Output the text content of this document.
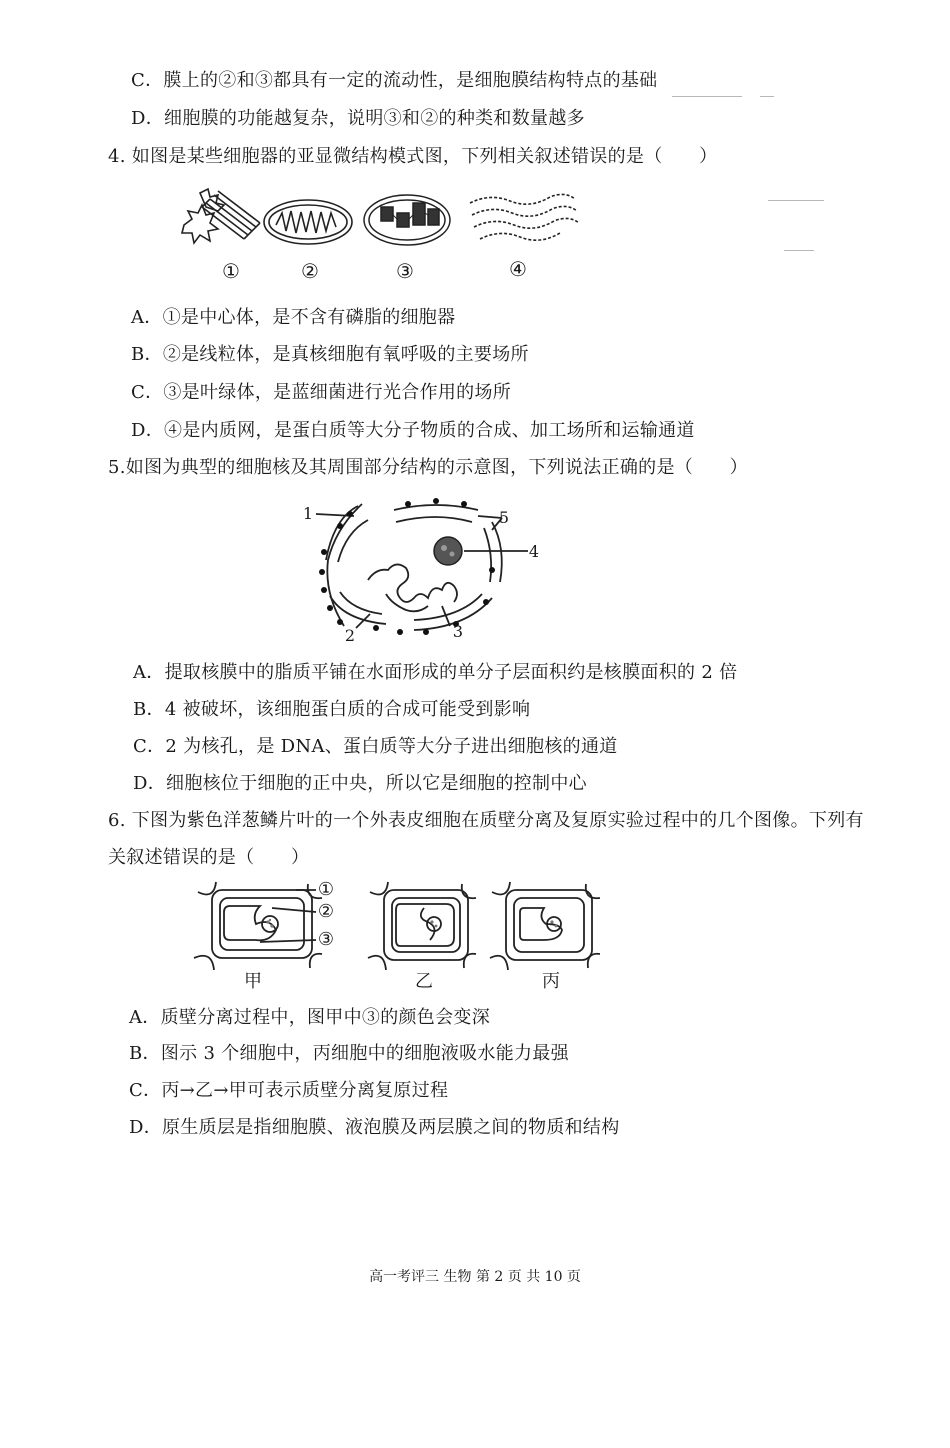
C．膜上的②和③都具有一定的流动性，是细胞膜结构特点的基础
D．细胞膜的功能越复杂，说明③和②的种类和数量越多
4. 如图是某些细胞器的亚显微结构模式图，下列相关叙述错误的是（　　）
①	②	③	④
A．①是中心体，是不含有磷脂的细胞器
B．②是线粒体，是真核细胞有氧呼吸的主要场所
C．③是叶绿体，是蓝细菌进行光合作用的场所
D．④是内质网，是蛋白质等大分子物质的合成、加工场所和运输通道
5.如图为典型的细胞核及其周围部分结构的示意图，下列说法正确的是（　　）
1
2	3
4
5
A．提取核膜中的脂质平铺在水面形成的单分子层面积约是核膜面积的 2 倍
B．4 被破坏，该细胞蛋白质的合成可能受到影响
C．2 为核孔，是 DNA、蛋白质等大分子进出细胞核的通道
D．细胞核位于细胞的正中央，所以它是细胞的控制中心
6. 下图为紫色洋葱鳞片叶的一个外表皮细胞在质壁分离及复原实验过程中的几个图像。下列有
关叙述错误的是（　　）
①
②
③
甲	乙	丙
A．质壁分离过程中，图甲中③的颜色会变深
B．图示 3 个细胞中，丙细胞中的细胞液吸水能力最强
C．丙→乙→甲可表示质壁分离复原过程
D．原生质层是指细胞膜、液泡膜及两层膜之间的物质和结构
高一考评三 生物 第 2 页 共 10 页
